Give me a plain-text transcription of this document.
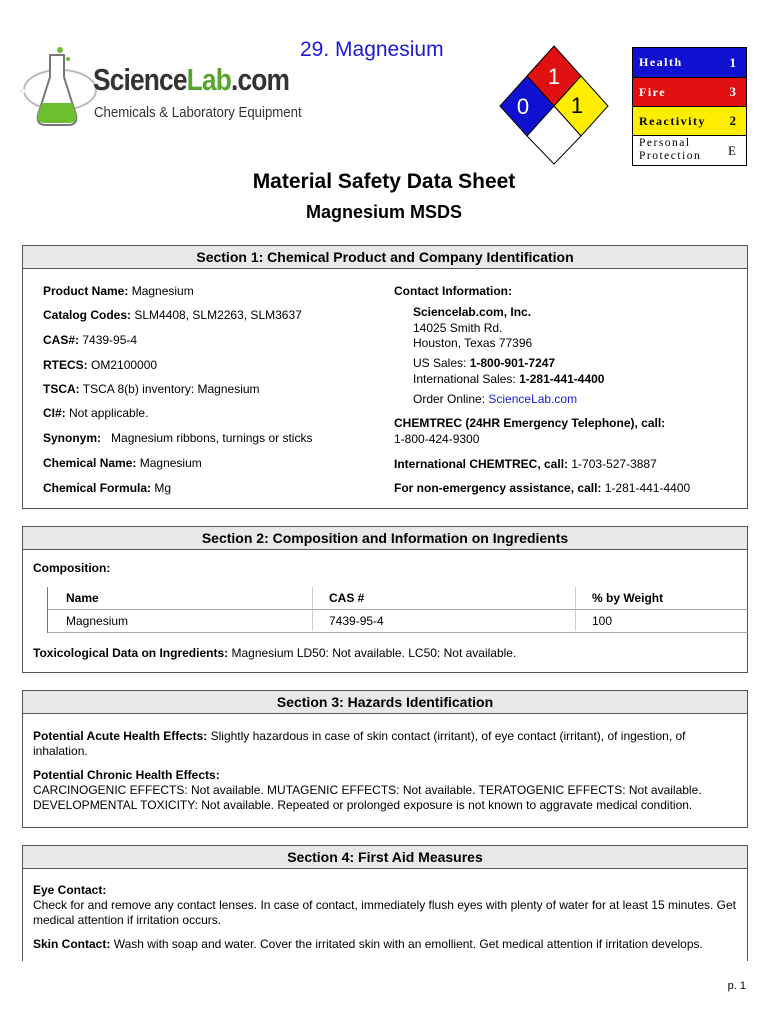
ScienceLab.com
Chemicals & Laboratory Equipment
29. Magnesium
1
0 1
Health	1
Fire	3
Reactivity 2
Personal Protection	E
Material Safety Data Sheet
Magnesium MSDS
Section 1: Chemical Product and Company Identification
Product Name: Magnesium
Catalog Codes: SLM4408, SLM2263, SLM3637
CAS#: 7439-95-4
RTECS: OM2100000
TSCA: TSCA 8(b) inventory: Magnesium
CI#: Not applicable.
Synonym:   Magnesium ribbons, turnings or sticks
Chemical Name: Magnesium
Chemical Formula: Mg
Contact Information:
Sciencelab.com, Inc.
14025 Smith Rd.
Houston, Texas 77396
US Sales: 1-800-901-7247
International Sales: 1-281-441-4400
Order Online: ScienceLab.com
CHEMTREC (24HR Emergency Telephone), call:
1-800-424-9300
International CHEMTREC, call: 1-703-527-3887
For non-emergency assistance, call: 1-281-441-4400
Section 2: Composition and Information on Ingredients
Composition:
Name	CAS #	% by Weight
Magnesium	7439-95-4	100
Toxicological Data on Ingredients: Magnesium LD50: Not available. LC50: Not available.
Section 3: Hazards Identification
Potential Acute Health Effects: Slightly hazardous in case of skin contact (irritant), of eye contact (irritant), of ingestion, of inhalation.
Potential Chronic Health Effects:
CARCINOGENIC EFFECTS: Not available. MUTAGENIC EFFECTS: Not available. TERATOGENIC EFFECTS: Not available. DEVELOPMENTAL TOXICITY: Not available. Repeated or prolonged exposure is not known to aggravate medical condition.
Section 4: First Aid Measures
Eye Contact:
Check for and remove any contact lenses. In case of contact, immediately flush eyes with plenty of water for at least 15 minutes. Get medical attention if irritation occurs.
Skin Contact: Wash with soap and water. Cover the irritated skin with an emollient. Get medical attention if irritation develops.
p. 1
